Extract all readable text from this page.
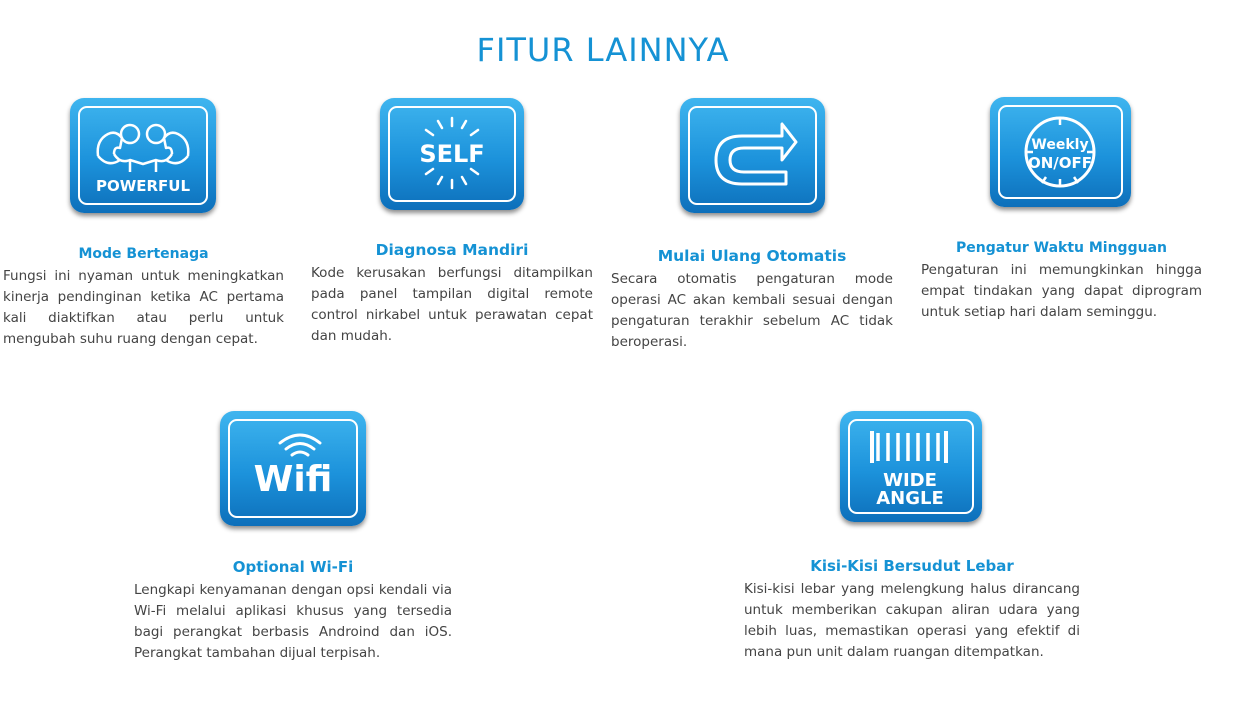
FITUR LAINNYA
POWERFUL
Mode Bertenaga

Fungsi ini nyaman untuk meningkatkan kinerja pendinginan ketika AC pertama kali diaktifkan atau perlu untuk mengubah suhu ruang dengan cepat.

SELF
Diagnosa Mandiri

Kode kerusakan berfungsi ditampilkan pada panel tampilan digital remote control nirkabel untuk perawatan cepat dan mudah.

Mulai Ulang Otomatis

Secara otomatis pengaturan mode operasi AC akan kembali sesuai dengan pengaturan terakhir sebelum AC tidak beroperasi.

Weekly
ON/OFF
Pengatur Waktu Mingguan

Pengaturan ini memungkinkan hingga empat tindakan yang dapat diprogram untuk setiap hari dalam seminggu.

Wifi
Optional Wi-Fi

Lengkapi kenyamanan dengan opsi kendali via Wi-Fi melalui aplikasi khusus yang tersedia bagi perangkat berbasis Androind dan iOS. Perangkat tambahan dijual terpisah.

WIDE
ANGLE
Kisi-Kisi Bersudut Lebar

Kisi-kisi lebar yang melengkung halus dirancang untuk memberikan cakupan aliran udara yang lebih luas, memastikan operasi yang efektif di mana pun unit dalam ruangan ditempatkan.
